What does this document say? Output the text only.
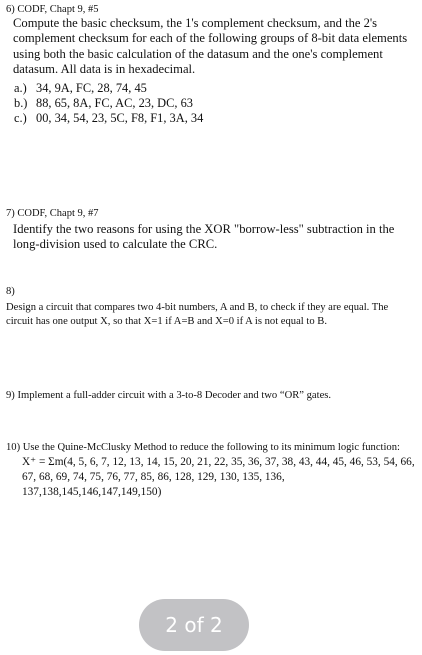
6) CODF, Chapt 9, #5
Compute the basic checksum, the 1's complement checksum, and the 2's complement checksum for each of the following groups of 8-bit data elements using both the basic calculation of the datasum and the one's complement datasum. All data is in hexadecimal.
a.) 34, 9A, FC, 28, 74, 45
b.) 88, 65, 8A, FC, AC, 23, DC, 63
c.) 00, 34, 54, 23, 5C, F8, F1, 3A, 34
7) CODF, Chapt 9, #7
Identify the two reasons for using the XOR "borrow-less" subtraction in the long-division used to calculate the CRC.
8)
Design a circuit that compares two 4-bit numbers, A and B, to check if they are equal. The circuit has one output X, so that X=1 if A=B and X=0 if A is not equal to B.
9) Implement a full-adder circuit with a 3-to-8 Decoder and two “OR” gates.
10) Use the Quine-McClusky Method to reduce the following to its minimum logic function:
X⁺ = Σm(4, 5, 6, 7, 12, 13, 14, 15, 20, 21, 22, 35, 36, 37, 38, 43, 44, 45, 46, 53, 54, 66, 67, 68, 69, 74, 75, 76, 77, 85, 86, 128, 129, 130, 135, 136, 137,138,145,146,147,149,150)
2 of 2
